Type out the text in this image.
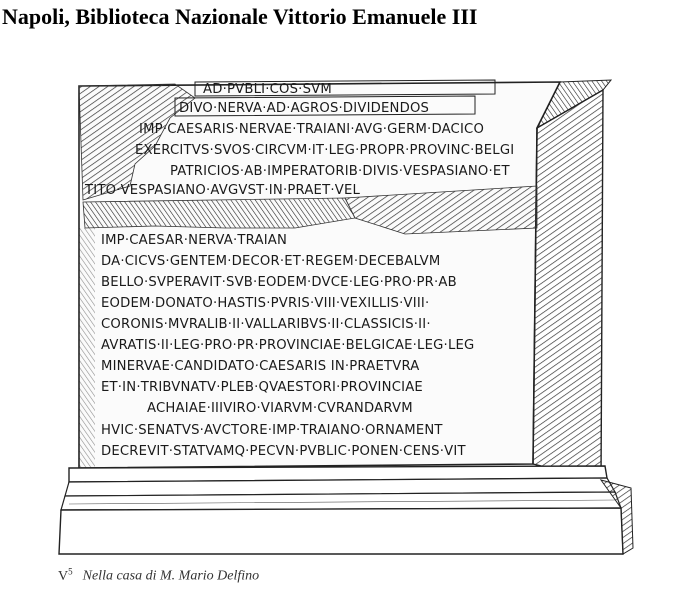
Napoli, Biblioteca Nazionale Vittorio Emanuele III
AD·PVBLI·COS·SVM
DIVO·NERVA·AD·AGROS·DIVIDENDOS
IMP·CAESARIS·NERVAE·TRAIANI·AVG·GERM·DACICO
EXERCITVS·SVOS·CIRCVM·IT·LEG·PROPR·PROVINC·BELGI
PATRICIOS·AB·IMPERATORIB·DIVIS·VESPASIANO·ET
TITO·VESPASIANO·AVGVST·IN·PRAET·VEL
IMP·CAESAR·NERVA·TRAIAN
DA·CICVS·GENTEM·DECOR·ET·REGEM·DECEBALVM
BELLO·SVPERAVIT·SVB·EODEM·DVCE·LEG·PRO·PR·AB
EODEM·DONATO·HASTIS·PVRIS·VIII·VEXILLIS·VIII·
CORONIS·MVRALIB·II·VALLARIBVS·II·CLASSICIS·II·
AVRATIS·II·LEG·PRO·PR·PROVINCIAE·BELGICAE·LEG·LEG
MINERVAE·CANDIDATO·CAESARIS IN·PRAETVRA
ET·IN·TRIBVNATV·PLEB·QVAESTORI·PROVINCIAE
ACHAIAE·IIIVIRO·VIARVM·CVRANDARVM
HVIC·SENATVS·AVCTORE·IMP·TRAIANO·ORNAMENT
DECREVIT·STATVAMQ·PECVN·PVBLIC·PONEN·CENS·VIT
$V^5$ Nella casa di M. Mario Delfino
